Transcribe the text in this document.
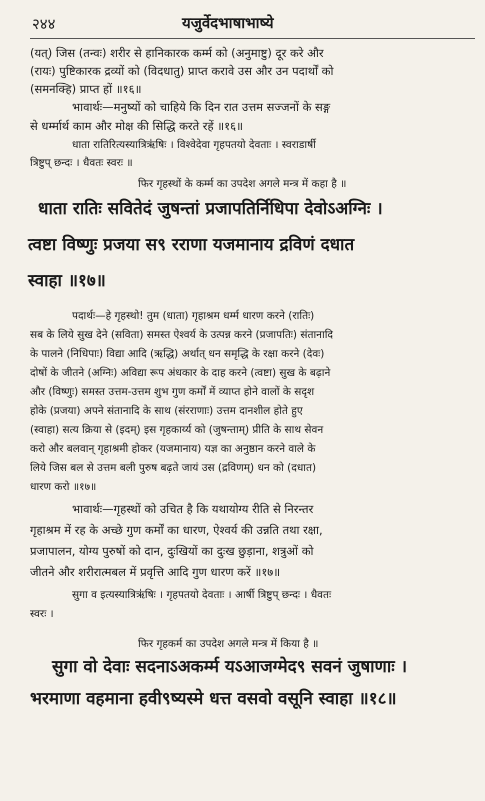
२४४	यजुर्वेदभाषाभाष्ये
(यत्) जिस (तन्वः) शरीर से हानिकारक कर्म्म को (अनुमाष्टु) दूर करे और
(रायः) पुष्टिकारक द्रव्यों को (विदधातु) प्राप्त करावे उस और उन पदार्थों को
(समनक्हि) प्राप्त हों ॥१६॥
भावार्थः—मनुष्यों को चाहिये कि दिन रात उत्तम सज्जनों के सङ्ग
से धर्म्मार्थ काम और मोक्ष की सिद्धि करते रहें ॥१६॥
धाता रातिरित्यस्यात्रिऋ॑षिः । विश्वेदेवा गृहपतयो देवताः । स्वराडार्षी
त्रिष्टुप् छन्दः । धैवतः स्वरः ॥
फिर गृहस्थों के कर्म्म का उपदेश अगले मन्त्र में कहा है ॥
धाता रातिः सवितेदं जुषन्तां प्रजापतिर्निधिपा देवोऽअग्निः ।
त्वष्टा विष्णुः प्रजया स९ रराणा यजमानाय द्रविणं दधात
स्वाहा ॥१७॥
पदार्थः—हे गृहस्थो! तुम (धाता) गृहाश्रम धर्म्म धारण करने (रातिः)
सब के लिये सुख देने (सविता) समस्त ऐश्वर्य के उत्पन्न करने (प्रजापतिः) संतानादि
के पालने (निधिपाः) विद्या आदि (ऋद्धि) अर्थात् धन समृद्धि के रक्षा करने (देवः)
दोषों के जीतने (अग्निः) अविद्या रूप अंधकार के दाह करने (त्वष्टा) सुख के बढ़ाने
और (विष्णुः) समस्त उत्तम-उत्तम शुभ गुण कर्मों में व्याप्त होने वालों के सदृश
होके (प्रजया) अपने संतानादि के साथ (संरराणाः) उत्तम दानशील होते हुए
(स्वाहा) सत्य क्रिया से (इदम्) इस गृहकार्य्य को (जुषन्ताम्) प्रीति के साथ सेवन
करो और बलवान् गृहाश्रमी होकर (यजमानाय) यज्ञ का अनुष्ठान करने वाले के
लिये जिस बल से उत्तम बली पुरुष बढ़ते जायं उस (द्रविणम्) धन को (दधात)
धारण करो ॥१७॥
भावार्थः—गृहस्थों को उचित है कि यथायोग्य रीति से निरन्तर
गृहाश्रम में रह के अच्छे गुण कर्मों का धारण, ऐश्वर्य की उन्नति तथा रक्षा,
प्रजापालन, योग्य पुरुषों को दान, दुःखियों का दुःख छुड़ाना, शत्रुओं को
जीतने और शरीरात्मबल में प्रवृत्ति आदि गुण धारण करें ॥१७॥
सुगा व इत्यस्यात्रिऋ॑षिः । गृहपतयो देवताः । आर्षी त्रिष्टुप् छन्दः । धैवतः
स्वरः ।
फिर गृहकर्म का उपदेश अगले मन्त्र में किया है ॥
सुगा वो देवाः सदनाऽअकर्म्म यऽआजग्मेद९ सवनं जुषाणाः ।
भरमाणा वहमाना हवी९ष्यस्मे धत्त वसवो वसूनि स्वाहा ॥१८॥
